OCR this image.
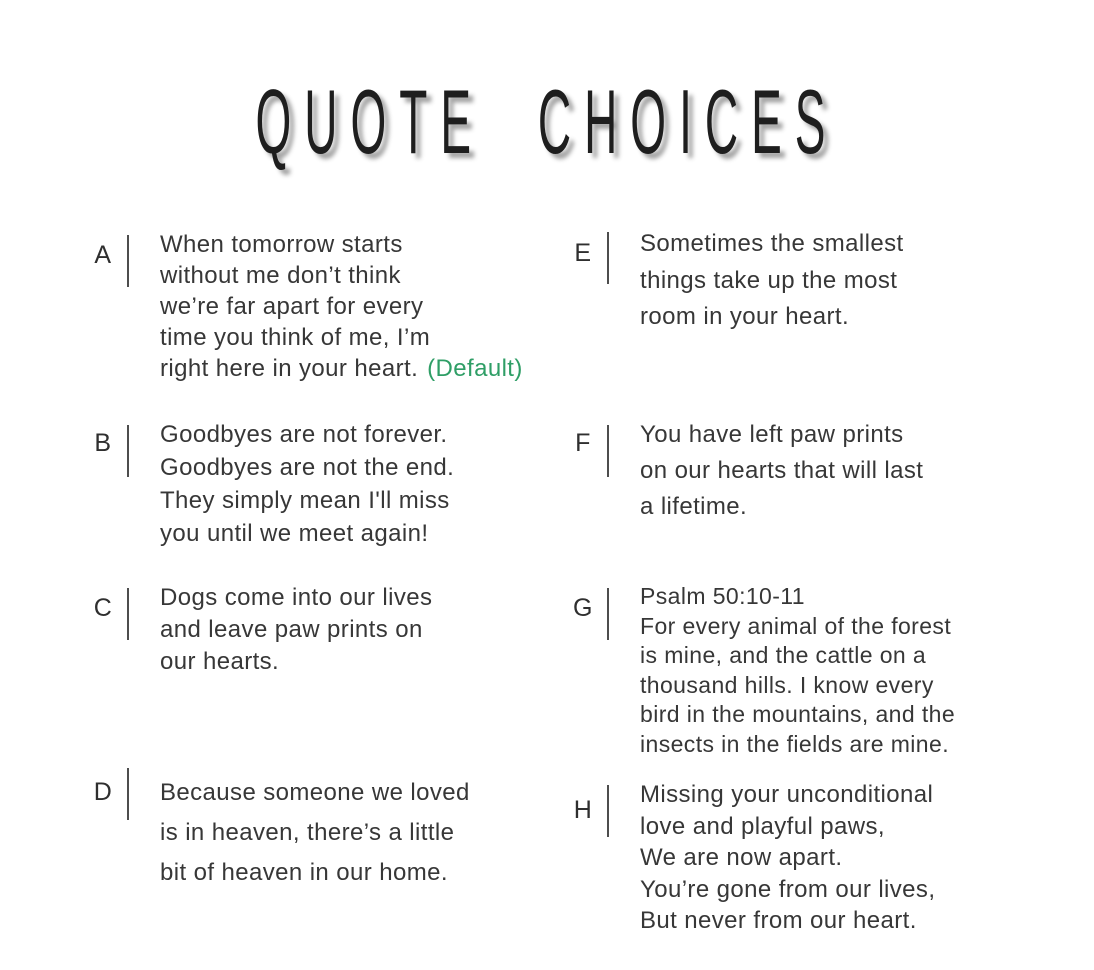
QUOTE CHOICES
A	When tomorrow starts
without me don’t think
we’re far apart for every
time you think of me, I’m
right here in your heart. (Default)
B	Goodbyes are not forever.
Goodbyes are not the end.
They simply mean I'll miss
you until we meet again!
C	Dogs come into our lives
and leave paw prints on
our hearts.
D	Because someone we loved
is in heaven, there’s a little
bit of heaven in our home.
E	Sometimes the smallest
things take up the most
room in your heart.
F	You have left paw prints
on our hearts that will last
a lifetime.
G	Psalm 50:10-11
For every animal of the forest
is mine, and the cattle on a
thousand hills. I know every
bird in the mountains, and the
insects in the fields are mine.
H
Missing your unconditional
love and playful paws,
We are now apart.
You’re gone from our lives,
But never from our heart.
